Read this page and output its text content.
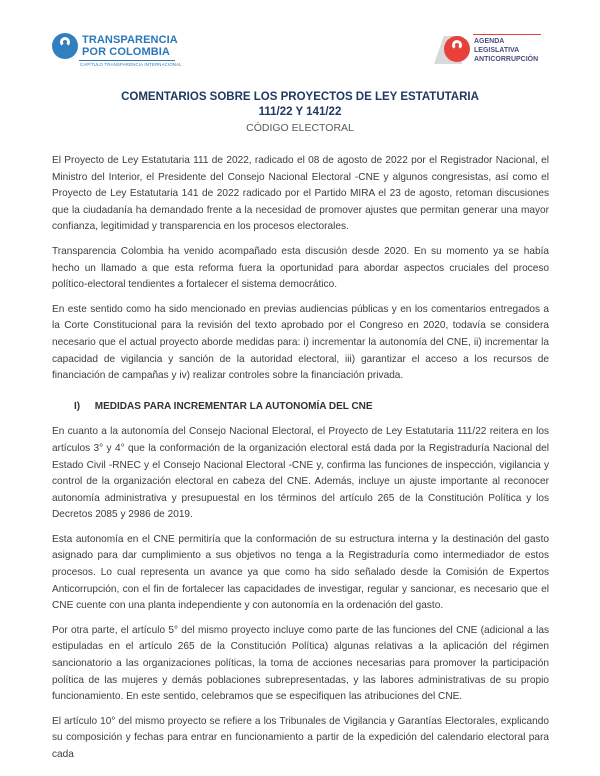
TRANSPARENCIA
POR COLOMBIA
CAPÍTULO TRANSPARENCIA INTERNACIONAL
AGENDA
LEGISLATIVA
ANTICORRUPCIÓN
COMENTARIOS SOBRE LOS PROYECTOS DE LEY ESTATUTARIA
111/22 Y 141/22
CÓDIGO ELECTORAL

El Proyecto de Ley Estatutaria 111 de 2022, radicado el 08 de agosto de 2022 por el Registrador Nacional, el Ministro del Interior, el Presidente del Consejo Nacional Electoral -CNE y algunos congresistas, así como el Proyecto de Ley Estatutaria 141 de 2022 radicado por el Partido MIRA el 23 de agosto, retoman discusiones que la ciudadanía ha demandado frente a la necesidad de promover ajustes que permitan generar una mayor confianza, legitimidad y transparencia en los procesos electorales.

Transparencia Colombia ha venido acompañado esta discusión desde 2020. En su momento ya se había hecho un llamado a que esta reforma fuera la oportunidad para abordar aspectos cruciales del proceso político-electoral tendientes a fortalecer el sistema democrático.

En este sentido como ha sido mencionado en previas audiencias públicas y en los comentarios entregados a la Corte Constitucional para la revisión del texto aprobado por el Congreso en 2020, todavía se considera necesario que el actual proyecto aborde medidas para: i) incrementar la autonomía del CNE, ii) incrementar la capacidad de vigilancia y sanción de la autoridad electoral, iii) garantizar el acceso a los recursos de financiación de campañas y iv) realizar controles sobre la financiación privada.

I) MEDIDAS PARA INCREMENTAR LA AUTONOMÍA DEL CNE

En cuanto a la autonomía del Consejo Nacional Electoral, el Proyecto de Ley Estatutaria 111/22 reitera en los artículos 3° y 4° que la conformación de la organización electoral está dada por la Registraduría Nacional del Estado Civil -RNEC y el Consejo Nacional Electoral -CNE y, confirma las funciones de inspección, vigilancia y control de la organización electoral en cabeza del CNE. Además, incluye un ajuste importante al reconocer autonomía administrativa y presupuestal en los términos del artículo 265 de la Constitución Política y los Decretos 2085 y 2986 de 2019.

Esta autonomía en el CNE permitiría que la conformación de su estructura interna y la destinación del gasto asignado para dar cumplimiento a sus objetivos no tenga a la Registraduría como intermediador de estos procesos. Lo cual representa un avance ya que como ha sido señalado desde la Comisión de Expertos Anticorrupción, con el fin de fortalecer las capacidades de investigar, regular y sancionar, es necesario que el CNE cuente con una planta independiente y con autonomía en la ordenación del gasto.

Por otra parte, el artículo 5° del mismo proyecto incluye como parte de las funciones del CNE (adicional a las estipuladas en el artículo 265 de la Constitución Política) algunas relativas a la aplicación del régimen sancionatorio a las organizaciones políticas, la toma de acciones necesarias para promover la participación política de las mujeres y demás poblaciones subrepresentadas, y las labores administrativas de su propio funcionamiento. En este sentido, celebramos que se especifiquen las atribuciones del CNE.

El artículo 10° del mismo proyecto se refiere a los Tribunales de Vigilancia y Garantías Electorales, explicando su composición y fechas para entrar en funcionamiento a partir de la expedición del calendario electoral para cada
